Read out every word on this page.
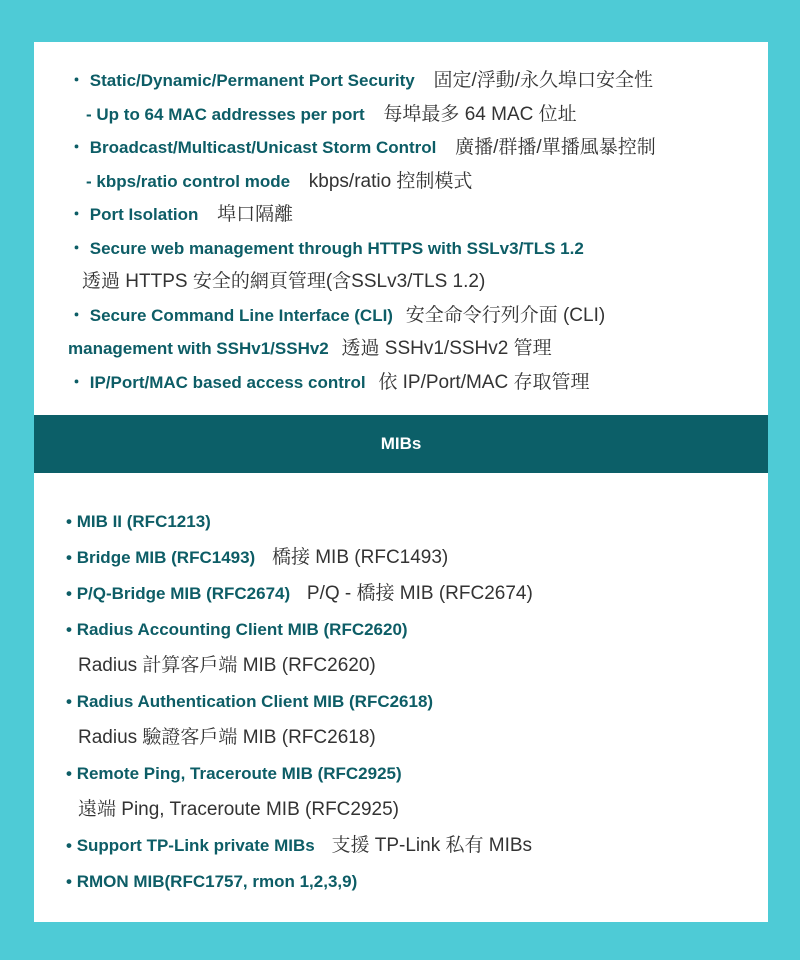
・ Static/Dynamic/Permanent Port Security 固定/浮動/永久埠口安全性
- Up to 64 MAC addresses per port 每埠最多 64 MAC 位址
・ Broadcast/Multicast/Unicast Storm Control 廣播/群播/單播風暴控制
- kbps/ratio control mode kbps/ratio 控制模式
・ Port Isolation 埠口隔離
・ Secure web management through HTTPS with SSLv3/TLS 1.2
透過 HTTPS 安全的網頁管理(含SSLv3/TLS 1.2)
・ Secure Command Line Interface (CLI) 安全命令行列介面 (CLI)
management with SSHv1/SSHv2 透過 SSHv1/SSHv2 管理
・ IP/Port/MAC based access control 依 IP/Port/MAC 存取管理
MIBs
• MIB II (RFC1213)
• Bridge MIB (RFC1493) 橋接 MIB (RFC1493)
• P/Q-Bridge MIB (RFC2674) P/Q - 橋接 MIB (RFC2674)
• Radius Accounting Client MIB (RFC2620)
Radius 計算客戶端 MIB (RFC2620)
• Radius Authentication Client MIB (RFC2618)
Radius 驗證客戶端 MIB (RFC2618)
• Remote Ping, Traceroute MIB (RFC2925)
遠端 Ping, Traceroute MIB (RFC2925)
• Support TP-Link private MIBs 支援 TP-Link 私有 MIBs
• RMON MIB(RFC1757, rmon 1,2,3,9)
